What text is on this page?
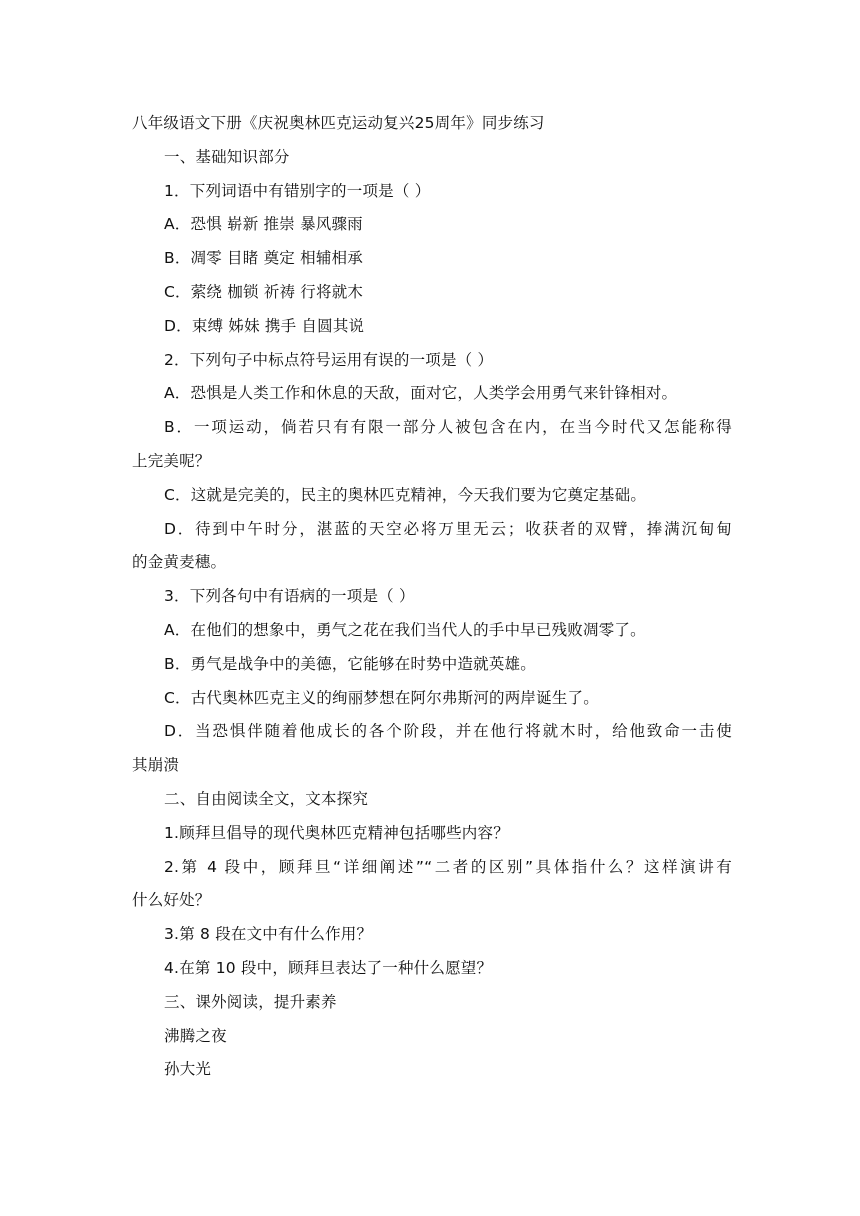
八年级语文下册《庆祝奥林匹克运动复兴25周年》同步练习
一、基础知识部分
1．下列词语中有错别字的一项是（ ）
A．恐惧 崭新 推崇 暴风骤雨
B．凋零 目睹 奠定 相辅相承
C．萦绕 枷锁 祈祷 行将就木
D．束缚 姊妹 携手 自圆其说
2．下列句子中标点符号运用有误的一项是（ ）
A．恐惧是人类工作和休息的天敌，面对它，人类学会用勇气来针锋相对。
B．一项运动，倘若只有有限一部分人被包含在内，在当今时代又怎能称得
上完美呢？
C．这就是完美的，民主的奥林匹克精神，今天我们要为它奠定基础。
D．待到中午时分，湛蓝的天空必将万里无云；收获者的双臂，捧满沉甸甸
的金黄麦穗。
3．下列各句中有语病的一项是（ ）
A．在他们的想象中，勇气之花在我们当代人的手中早已残败凋零了。
B．勇气是战争中的美德，它能够在时势中造就英雄。
C．古代奥林匹克主义的绚丽梦想在阿尔弗斯河的两岸诞生了。
D．当恐惧伴随着他成长的各个阶段，并在他行将就木时，给他致命一击使
其崩溃
二、自由阅读全文，文本探究
1.顾拜旦倡导的现代奥林匹克精神包括哪些内容？
2.第 4 段中，顾拜旦“详细阐述”“二者的区别”具体指什么？这样演讲有
什么好处？
3.第 8 段在文中有什么作用？
4.在第 10 段中，顾拜旦表达了一种什么愿望？
三、课外阅读，提升素养
沸腾之夜
孙大光
